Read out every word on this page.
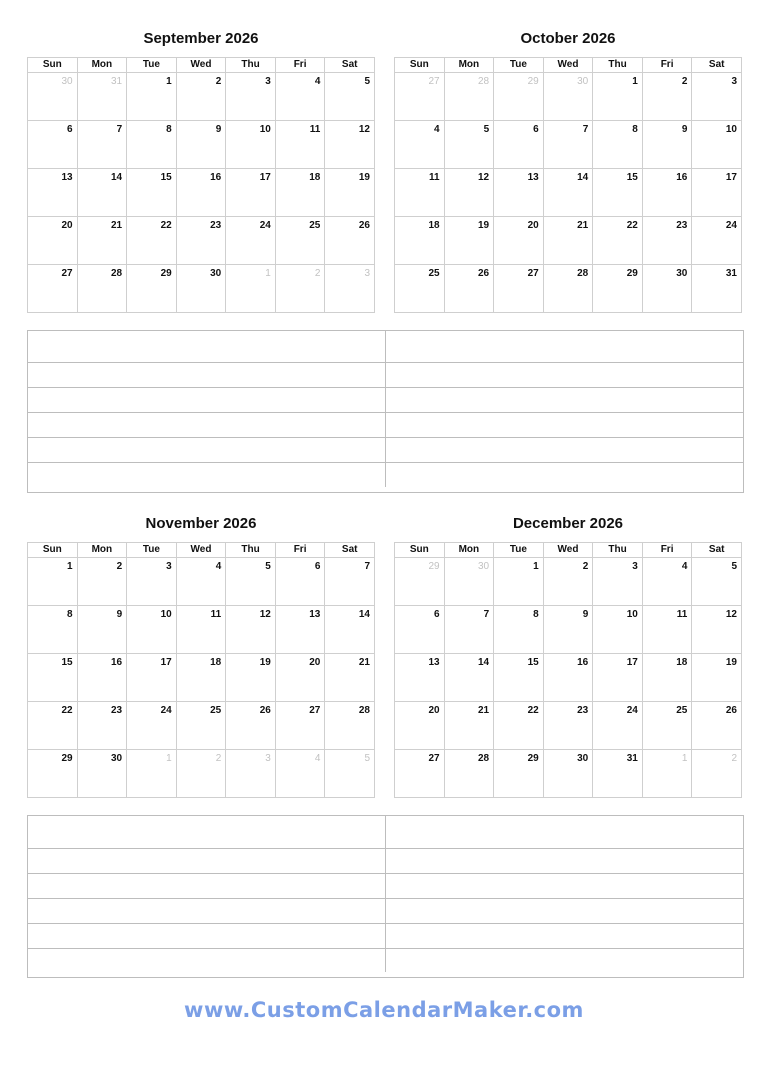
September 2026
Sun	Mon	Tue	Wed	Thu	Fri	Sat

30	31	1	2	3	4	5

6	7	8	9	10	11	12

13	14	15	16	17	18	19

20	21	22	23	24	25	26

27	28	29	30	1	2	3
October 2026
Sun	Mon	Tue	Wed	Thu	Fri	Sat

27	28	29	30	1	2	3

4	5	6	7	8	9	10

11	12	13	14	15	16	17

18	19	20	21	22	23	24

25	26	27	28	29	30	31
November 2026
Sun	Mon	Tue	Wed	Thu	Fri	Sat

1	2	3	4	5	6	7

8	9	10	11	12	13	14

15	16	17	18	19	20	21

22	23	24	25	26	27	28

29	30	1	2	3	4	5
December 2026
Sun	Mon	Tue	Wed	Thu	Fri	Sat

29	30	1	2	3	4	5

6	7	8	9	10	11	12

13	14	15	16	17	18	19

20	21	22	23	24	25	26

27	28	29	30	31	1	2
www.CustomCalendarMaker.com
